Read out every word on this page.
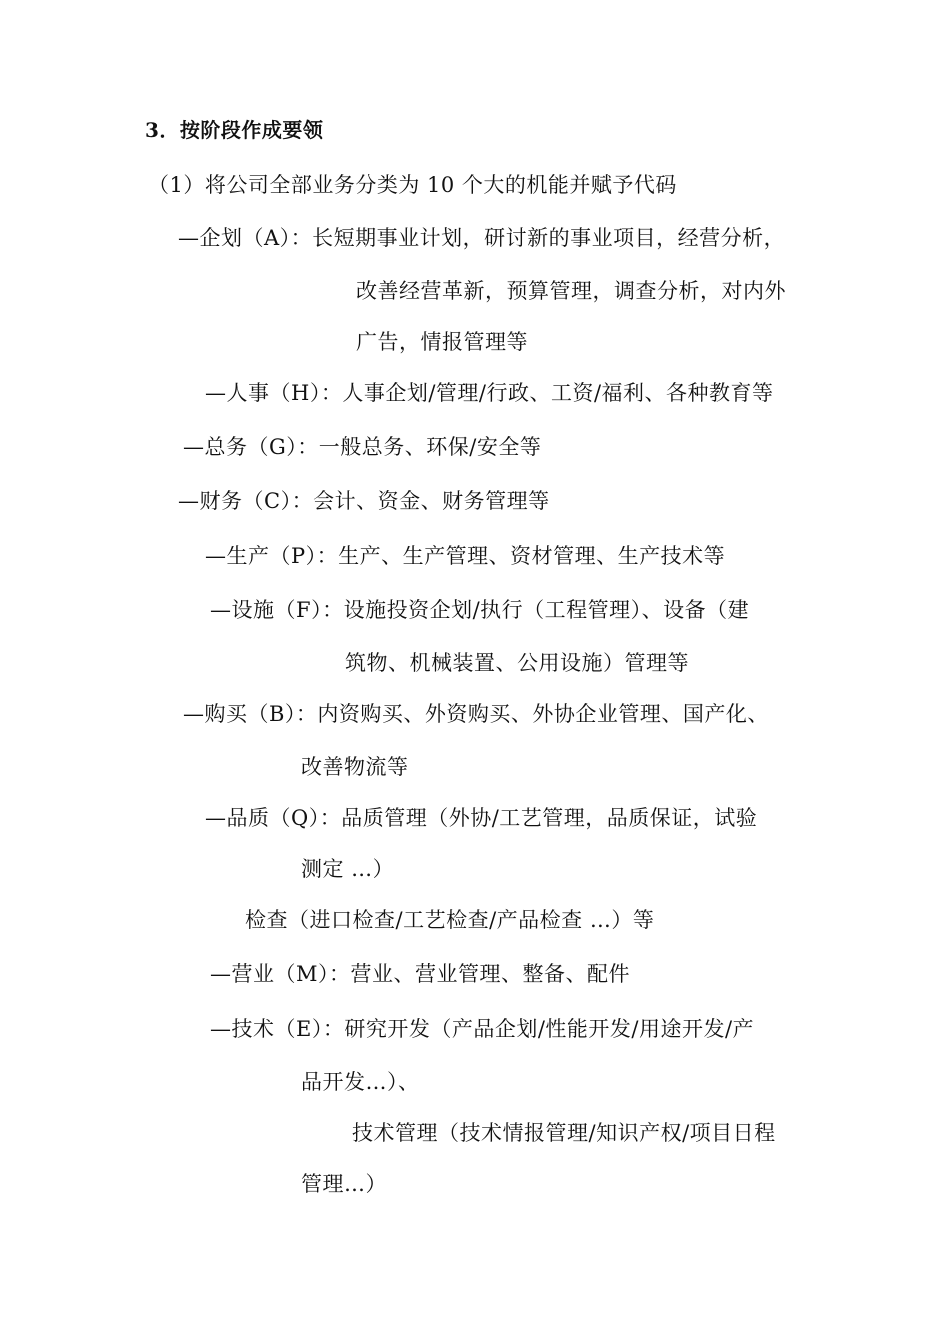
3．按阶段作成要领
（1）将公司全部业务分类为 10 个大的机能并赋予代码
—企划（A）：长短期事业计划，研讨新的事业项目，经营分析，
改善经营革新，预算管理，调查分析，对内外
广告，情报管理等
—人事（H）：人事企划/管理/行政、工资/福利、各种教育等
—总务（G）：一般总务、环保/安全等
—财务（C）：会计、资金、财务管理等
—生产（P）：生产、生产管理、资材管理、生产技术等
—设施（F）：设施投资企划/执行（工程管理）、设备（建
筑物、机械装置、公用设施）管理等
—购买（B）：内资购买、外资购买、外协企业管理、国产化、
改善物流等
—品质（Q）：品质管理（外协/工艺管理，品质保证，试验
测定 …）
检查（进口检查/工艺检查/产品检查 …）等
—营业（M）：营业、营业管理、整备、配件
—技术（E）：研究开发（产品企划/性能开发/用途开发/产
品开发…）、
技术管理（技术情报管理/知识产权/项目日程
管理…）
